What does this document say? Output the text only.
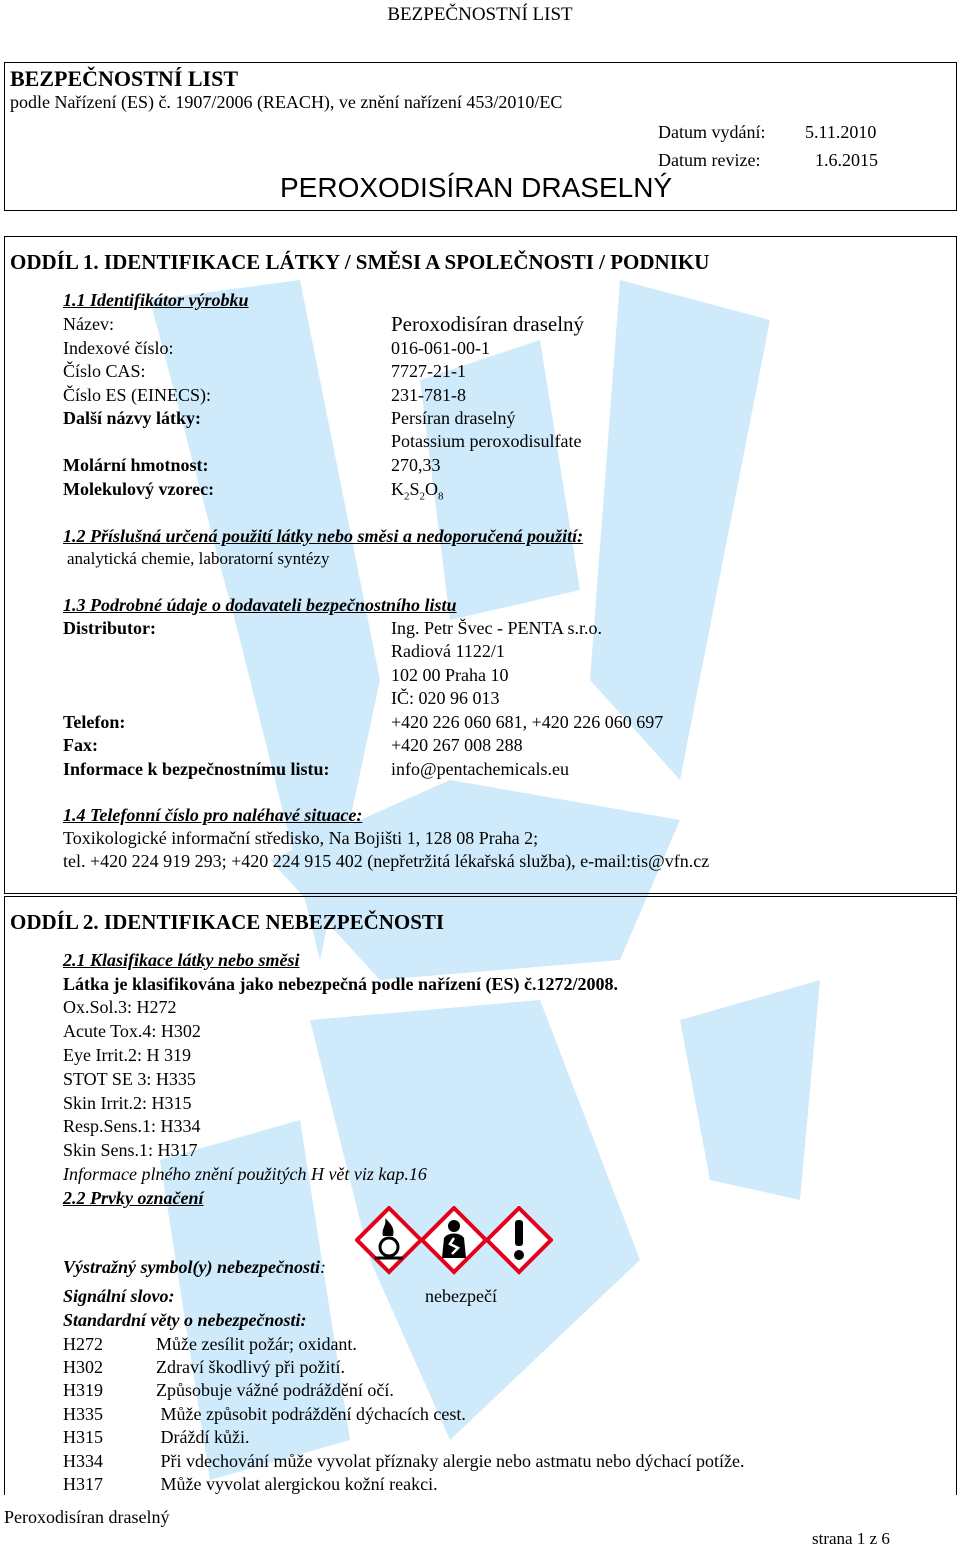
BEZPEČNOSTNÍ LIST
BEZPEČNOSTNÍ LIST
podle Nařízení (ES) č. 1907/2006 (REACH), ve znění nařízení 453/2010/EC
Datum vydání: 5.11.2010
Datum revize:	1.6.2015
PEROXODISÍRAN DRASELNÝ
ODDÍL 1. IDENTIFIKACE LÁTKY / SMĚSI A SPOLEČNOSTI / PODNIKU
1.1 Identifikátor výrobku
Název:	Peroxodisíran draselný
Indexové číslo:	016-061-00-1
Číslo CAS:	7727-21-1
Číslo ES (EINECS):	231-781-8
Další názvy látky:	Persíran draselný
Potassium peroxodisulfate
Molární hmotnost:	270,33
Molekulový vzorec:	$K_2S_2O_8$
1.2 Příslušná určená použití látky nebo směsi a nedoporučená použití:
analytická chemie, laboratorní syntézy
1.3 Podrobné údaje o dodavateli bezpečnostního listu
Distributor:	Ing. Petr Švec - PENTA s.r.o.
Radiová 1122/1
102 00 Praha 10
IČ: 020 96 013
Telefon:	+420 226 060 681, +420 226 060 697
Fax:	+420 267 008 288
Informace k bezpečnostnímu listu:	info@pentachemicals.eu
1.4 Telefonní číslo pro naléhavé situace:
Toxikologické informační středisko, Na Bojišti 1, 128 08 Praha 2;
tel. +420 224 919 293; +420 224 915 402 (nepřetržitá lékařská služba), e-mail:tis@vfn.cz
ODDÍL 2. IDENTIFIKACE NEBEZPEČNOSTI
2.1 Klasifikace látky nebo směsi
Látka je klasifikována jako nebezpečná podle nařízení (ES) č.1272/2008.
Ox.Sol.3: H272
Acute Tox.4: H302
Eye Irrit.2: H 319
STOT SE 3: H335
Skin Irrit.2: H315
Resp.Sens.1: H334
Skin Sens.1: H317
Informace plného znění použitých H vět viz kap.16
2.2 Prvky označení
Výstražný symbol(y) nebezpečnosti:
Signální slovo:	nebezpečí
Standardní věty o nebezpečnosti:
H272	Může zesílit požár; oxidant.
H302	Zdraví škodlivý při požití.
H319	Způsobuje vážné podráždění očí.
H335	Může způsobit podráždění dýchacích cest.
H315	Dráždí kůži.
H334	Při vdechování může vyvolat příznaky alergie nebo astmatu nebo dýchací potíže.
H317	Může vyvolat alergickou kožní reakci.
Peroxodisíran draselný
strana 1 z 6
